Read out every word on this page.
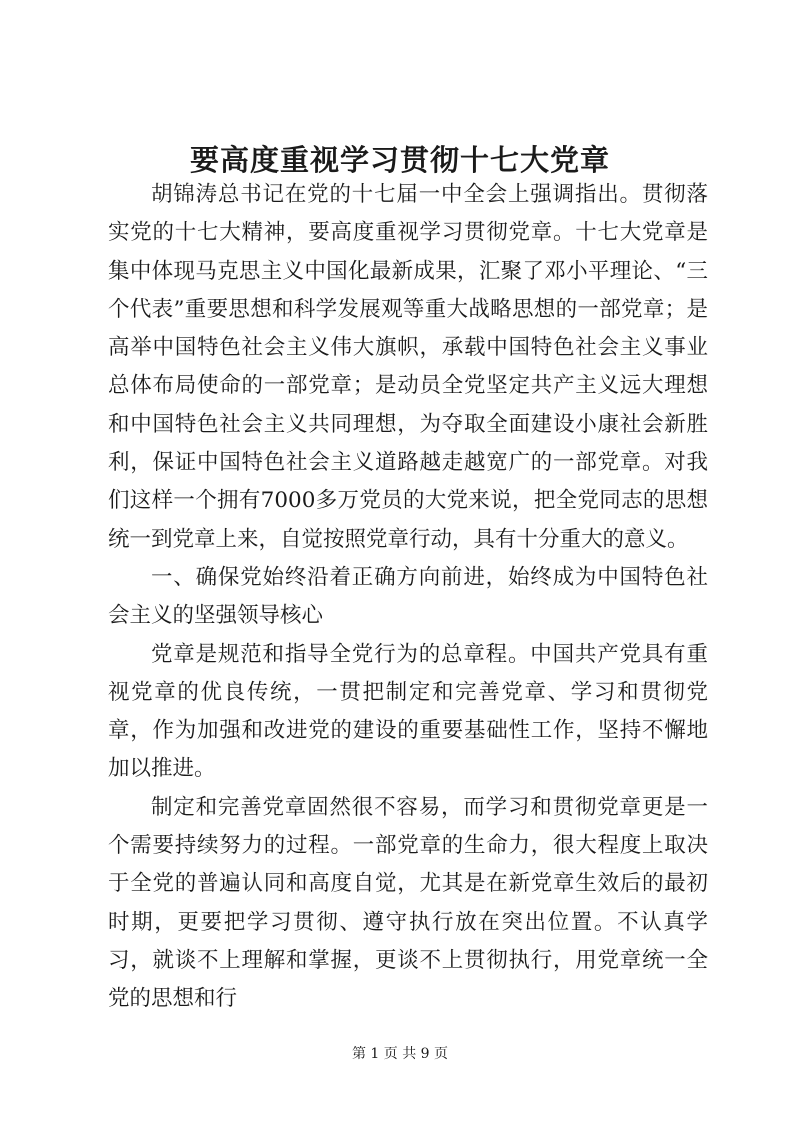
要高度重视学习贯彻十七大党章

胡锦涛总书记在党的十七届一中全会上强调指出。贯彻落实党的十七大精神，要高度重视学习贯彻党章。十七大党章是集中体现马克思主义中国化最新成果，汇聚了邓小平理论、“三个代表”重要思想和科学发展观等重大战略思想的一部党章；是高举中国特色社会主义伟大旗帜，承载中国特色社会主义事业总体布局使命的一部党章；是动员全党坚定共产主义远大理想和中国特色社会主义共同理想，为夺取全面建设小康社会新胜利，保证中国特色社会主义道路越走越宽广的一部党章。对我们这样一个拥有7000多万党员的大党来说，把全党同志的思想统一到党章上来，自觉按照党章行动，具有十分重大的意义。

一、确保党始终沿着正确方向前进，始终成为中国特色社会主义的坚强领导核心

党章是规范和指导全党行为的总章程。中国共产党具有重视党章的优良传统，一贯把制定和完善党章、学习和贯彻党章，作为加强和改进党的建设的重要基础性工作，坚持不懈地加以推进。

制定和完善党章固然很不容易，而学习和贯彻党章更是一个需要持续努力的过程。一部党章的生命力，很大程度上取决于全党的普遍认同和高度自觉，尤其是在新党章生效后的最初时期，更要把学习贯彻、遵守执行放在突出位置。不认真学习，就谈不上理解和掌握，更谈不上贯彻执行，用党章统一全党的思想和行

第 1 页 共 9 页
